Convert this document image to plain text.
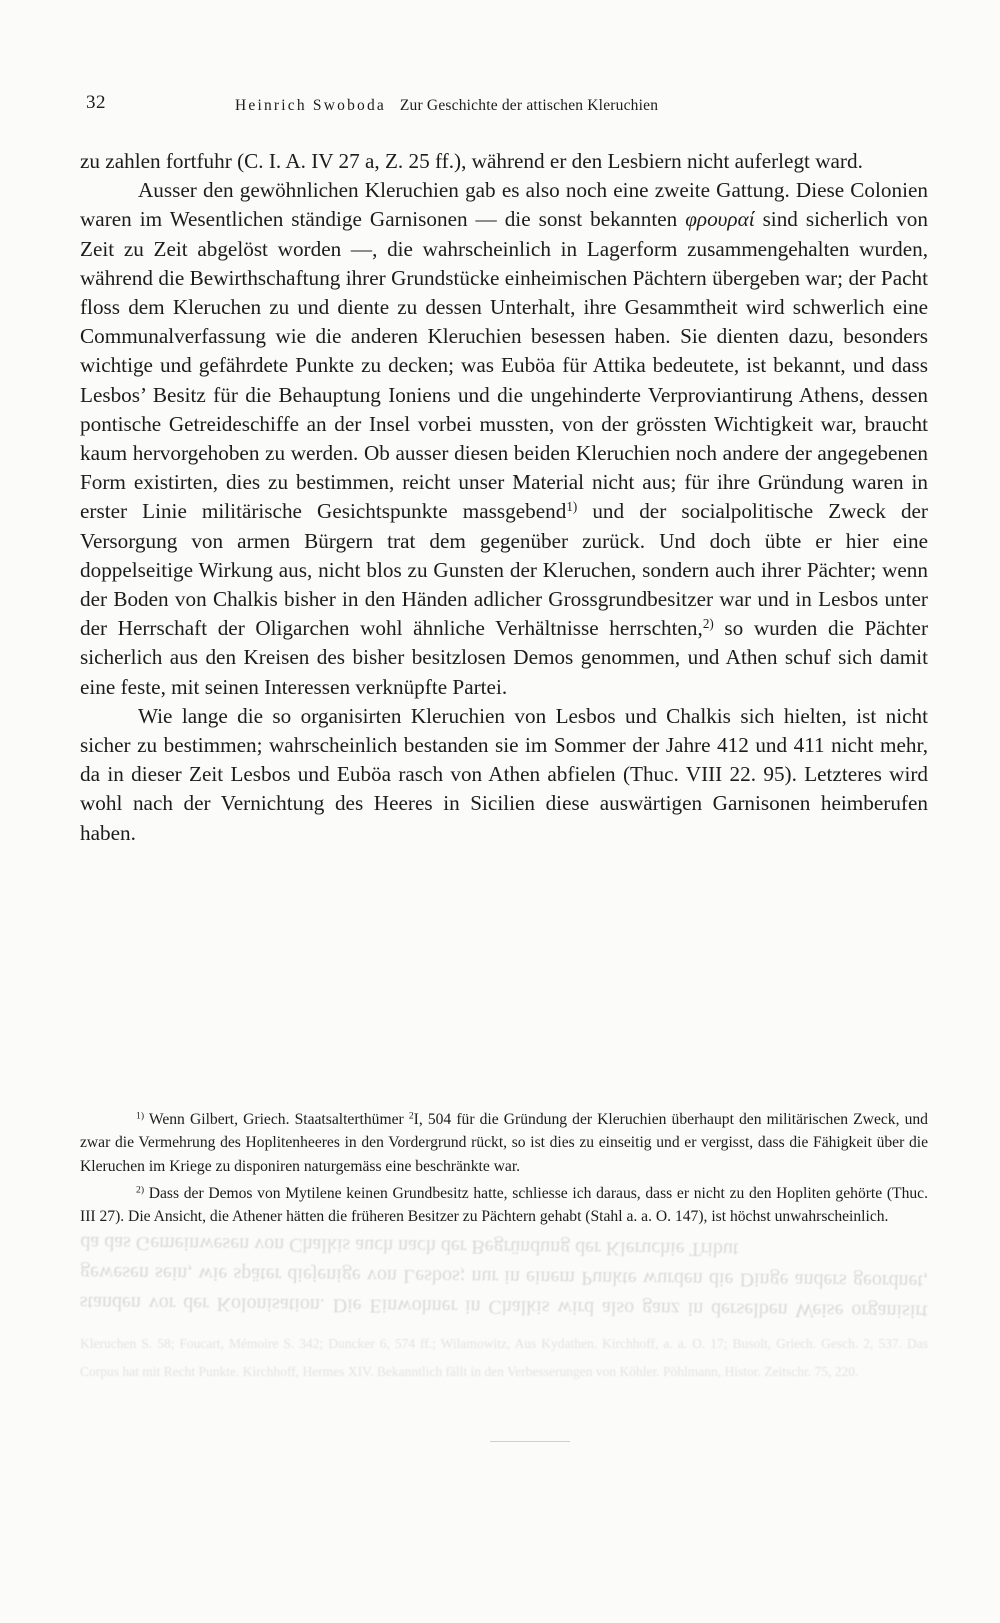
standen vor der Kolonisation. Die Einwohner in Chalkis wird also ganz in derselben Weise organisirt gewesen sein, wie später diejenige von Lesbos; nur in einem Punkte wurden die Dinge anders geordnet, da das Gemeinwesen von Chalkis auch nach der Begründung der Kleruchie Tribut
Kleruchen S. 58; Foucart, Mémoire S. 342; Duncker 6, 574 ff.; Wilamowitz, Aus Kydathen. Kirchhoff, a. a. O. 17; Busolt, Griech. Gesch. 2, 537. Das Corpus hat mit Recht Punkte. Kirchhoff, Hermes XIV. Bekanntlich fällt in den Verbesserungen von Köhler. Pöhlmann, Histor. Zeitschr. 75, 220.
32	Heinrich Swoboda Zur Geschichte der attischen Kleruchien

zu zahlen fortfuhr (C. I. A. IV 27 a, Z. 25 ff.), während er den Lesbiern nicht auferlegt ward.

Ausser den gewöhnlichen Kleruchien gab es also noch eine zweite Gattung. Diese Colonien waren im Wesentlichen ständige Garnisonen — die sonst bekannten φρουραί sind sicherlich von Zeit zu Zeit abgelöst worden —, die wahrscheinlich in Lagerform zusammengehalten wurden, während die Bewirthschaftung ihrer Grundstücke einheimischen Pächtern übergeben war; der Pacht floss dem Kleruchen zu und diente zu dessen Unterhalt, ihre Gesammtheit wird schwerlich eine Communalverfassung wie die anderen Kleruchien besessen haben. Sie dienten dazu, besonders wichtige und gefährdete Punkte zu decken; was Euböa für Attika bedeutete, ist bekannt, und dass Lesbos’ Besitz für die Behauptung Ioniens und die ungehinderte Verproviantirung Athens, dessen pontische Getreideschiffe an der Insel vorbei mussten, von der grössten Wichtigkeit war, braucht kaum hervorgehoben zu werden. Ob ausser diesen beiden Kleruchien noch andere der angegebenen Form existirten, dies zu bestimmen, reicht unser Material nicht aus; für ihre Gründung waren in erster Linie militärische Gesichtspunkte massgebend$^{1)}$ und der socialpolitische Zweck der Versorgung von armen Bürgern trat dem gegenüber zurück. Und doch übte er hier eine doppelseitige Wirkung aus, nicht blos zu Gunsten der Kleruchen, sondern auch ihrer Pächter; wenn der Boden von Chalkis bisher in den Händen adlicher Grossgrundbesitzer war und in Lesbos unter der Herrschaft der Oligarchen wohl ähnliche Verhältnisse herrschten,$^{2)}$ so wurden die Pächter sicherlich aus den Kreisen des bisher besitzlosen Demos genommen, und Athen schuf sich damit eine feste, mit seinen Interessen verknüpfte Partei.

Wie lange die so organisirten Kleruchien von Lesbos und Chalkis sich hielten, ist nicht sicher zu bestimmen; wahrscheinlich bestanden sie im Sommer der Jahre 412 und 411 nicht mehr, da in dieser Zeit Lesbos und Euböa rasch von Athen abfielen (Thuc. VIII 22. 95). Letzteres wird wohl nach der Vernichtung des Heeres in Sicilien diese auswärtigen Garnisonen heimberufen haben.

$^{1)}$ Wenn Gilbert, Griech. Staatsalterthümer $^2$I, 504 für die Gründung der Kleruchien überhaupt den militärischen Zweck, und zwar die Vermehrung des Hoplitenheeres in den Vordergrund rückt, so ist dies zu einseitig und er vergisst, dass die Fähigkeit über die Kleruchen im Kriege zu disponiren naturgemäss eine beschränkte war.

$^{2)}$ Dass der Demos von Mytilene keinen Grundbesitz hatte, schliesse ich daraus, dass er nicht zu den Hopliten gehörte (Thuc. III 27). Die Ansicht, die Athener hätten die früheren Besitzer zu Pächtern gehabt (Stahl a. a. O. 147), ist höchst unwahrscheinlich.
